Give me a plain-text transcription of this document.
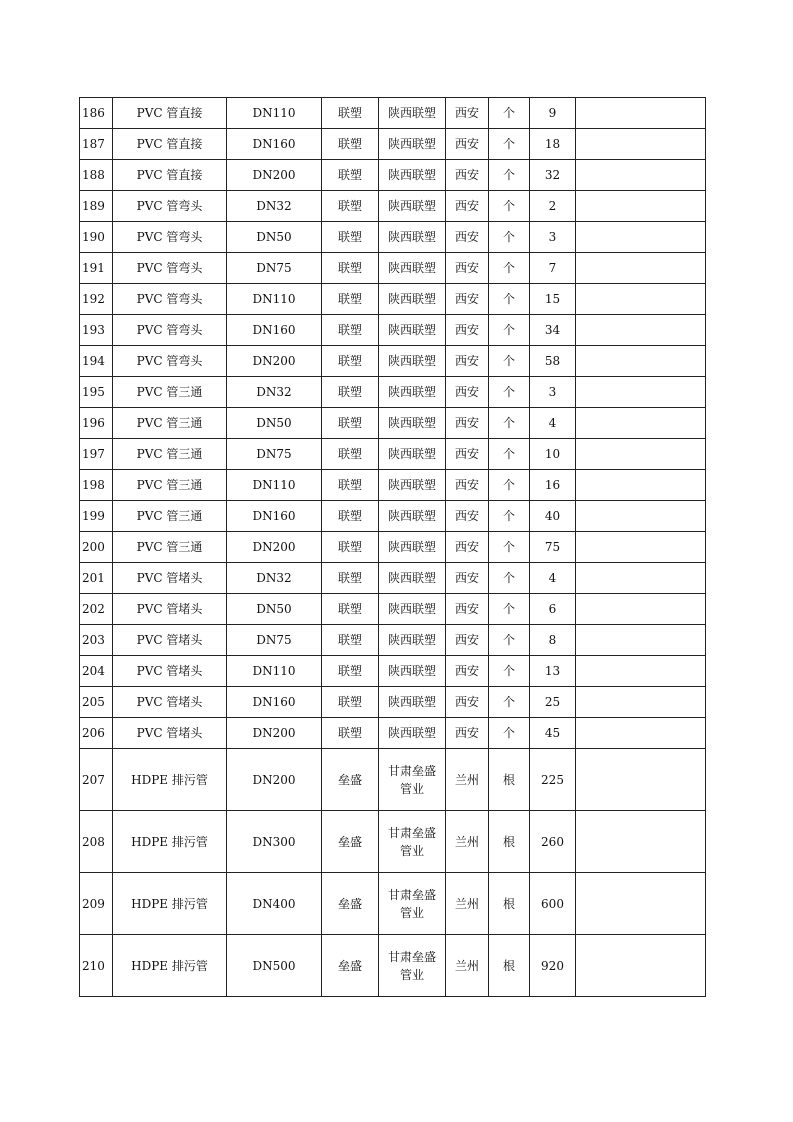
186	PVC 管直接	DN110	联塑	陕西联塑	西安	个	9	
187	PVC 管直接	DN160	联塑	陕西联塑	西安	个	18	
188	PVC 管直接	DN200	联塑	陕西联塑	西安	个	32	
189	PVC 管弯头	DN32	联塑	陕西联塑	西安	个	2	
190	PVC 管弯头	DN50	联塑	陕西联塑	西安	个	3	
191	PVC 管弯头	DN75	联塑	陕西联塑	西安	个	7	
192	PVC 管弯头	DN110	联塑	陕西联塑	西安	个	15	
193	PVC 管弯头	DN160	联塑	陕西联塑	西安	个	34	
194	PVC 管弯头	DN200	联塑	陕西联塑	西安	个	58	
195	PVC 管三通	DN32	联塑	陕西联塑	西安	个	3	
196	PVC 管三通	DN50	联塑	陕西联塑	西安	个	4	
197	PVC 管三通	DN75	联塑	陕西联塑	西安	个	10	
198	PVC 管三通	DN110	联塑	陕西联塑	西安	个	16	
199	PVC 管三通	DN160	联塑	陕西联塑	西安	个	40	
200	PVC 管三通	DN200	联塑	陕西联塑	西安	个	75	
201	PVC 管堵头	DN32	联塑	陕西联塑	西安	个	4	
202	PVC 管堵头	DN50	联塑	陕西联塑	西安	个	6	
203	PVC 管堵头	DN75	联塑	陕西联塑	西安	个	8	
204	PVC 管堵头	DN110	联塑	陕西联塑	西安	个	13	
205	PVC 管堵头	DN160	联塑	陕西联塑	西安	个	25	
206	PVC 管堵头	DN200	联塑	陕西联塑	西安	个	45	
207	HDPE 排污管	DN200	垒盛	甘肃垒盛管业	兰州	根	225	
208	HDPE 排污管	DN300	垒盛	甘肃垒盛管业	兰州	根	260	
209	HDPE 排污管	DN400	垒盛	甘肃垒盛管业	兰州	根	600	
210	HDPE 排污管	DN500	垒盛	甘肃垒盛管业	兰州	根	920	
